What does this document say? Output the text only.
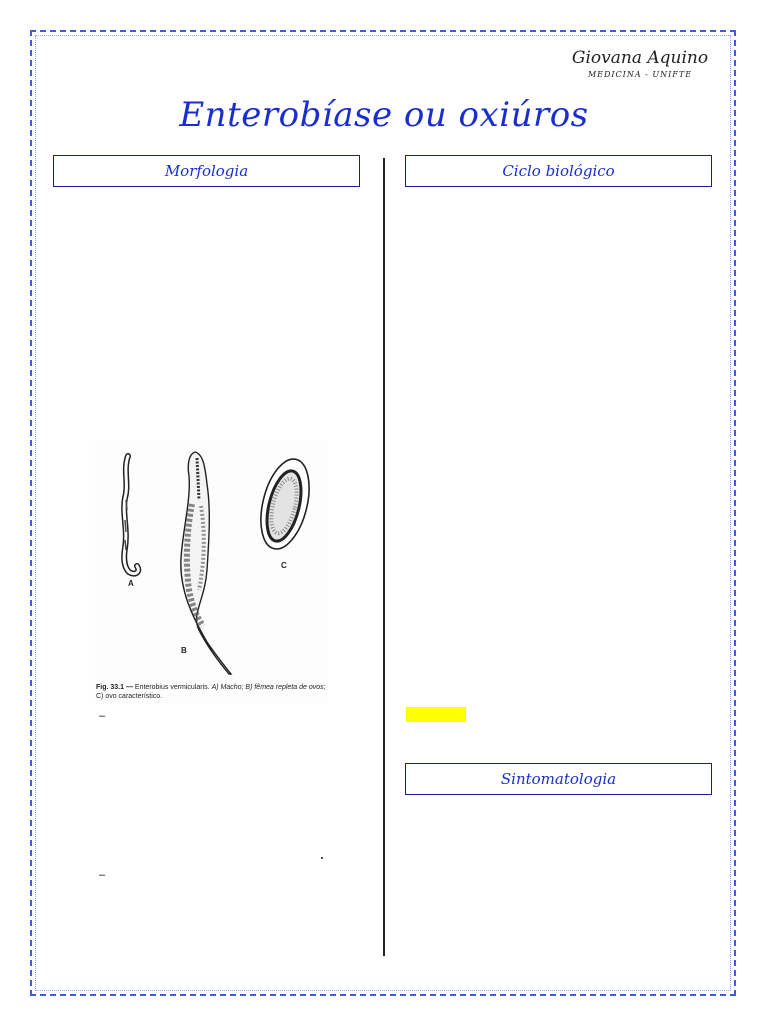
Giovana Aquino
MEDICINA - UNIFTE
Enterobíase ou oxiúros
Morfologia	Ciclo biológico
A
B
C
Fig. 33.1 — Enterobius vermicularis. A) Macho; B) fêmea repleta de ovos;
C) ovo característico.
–
–
Sintomatologia
